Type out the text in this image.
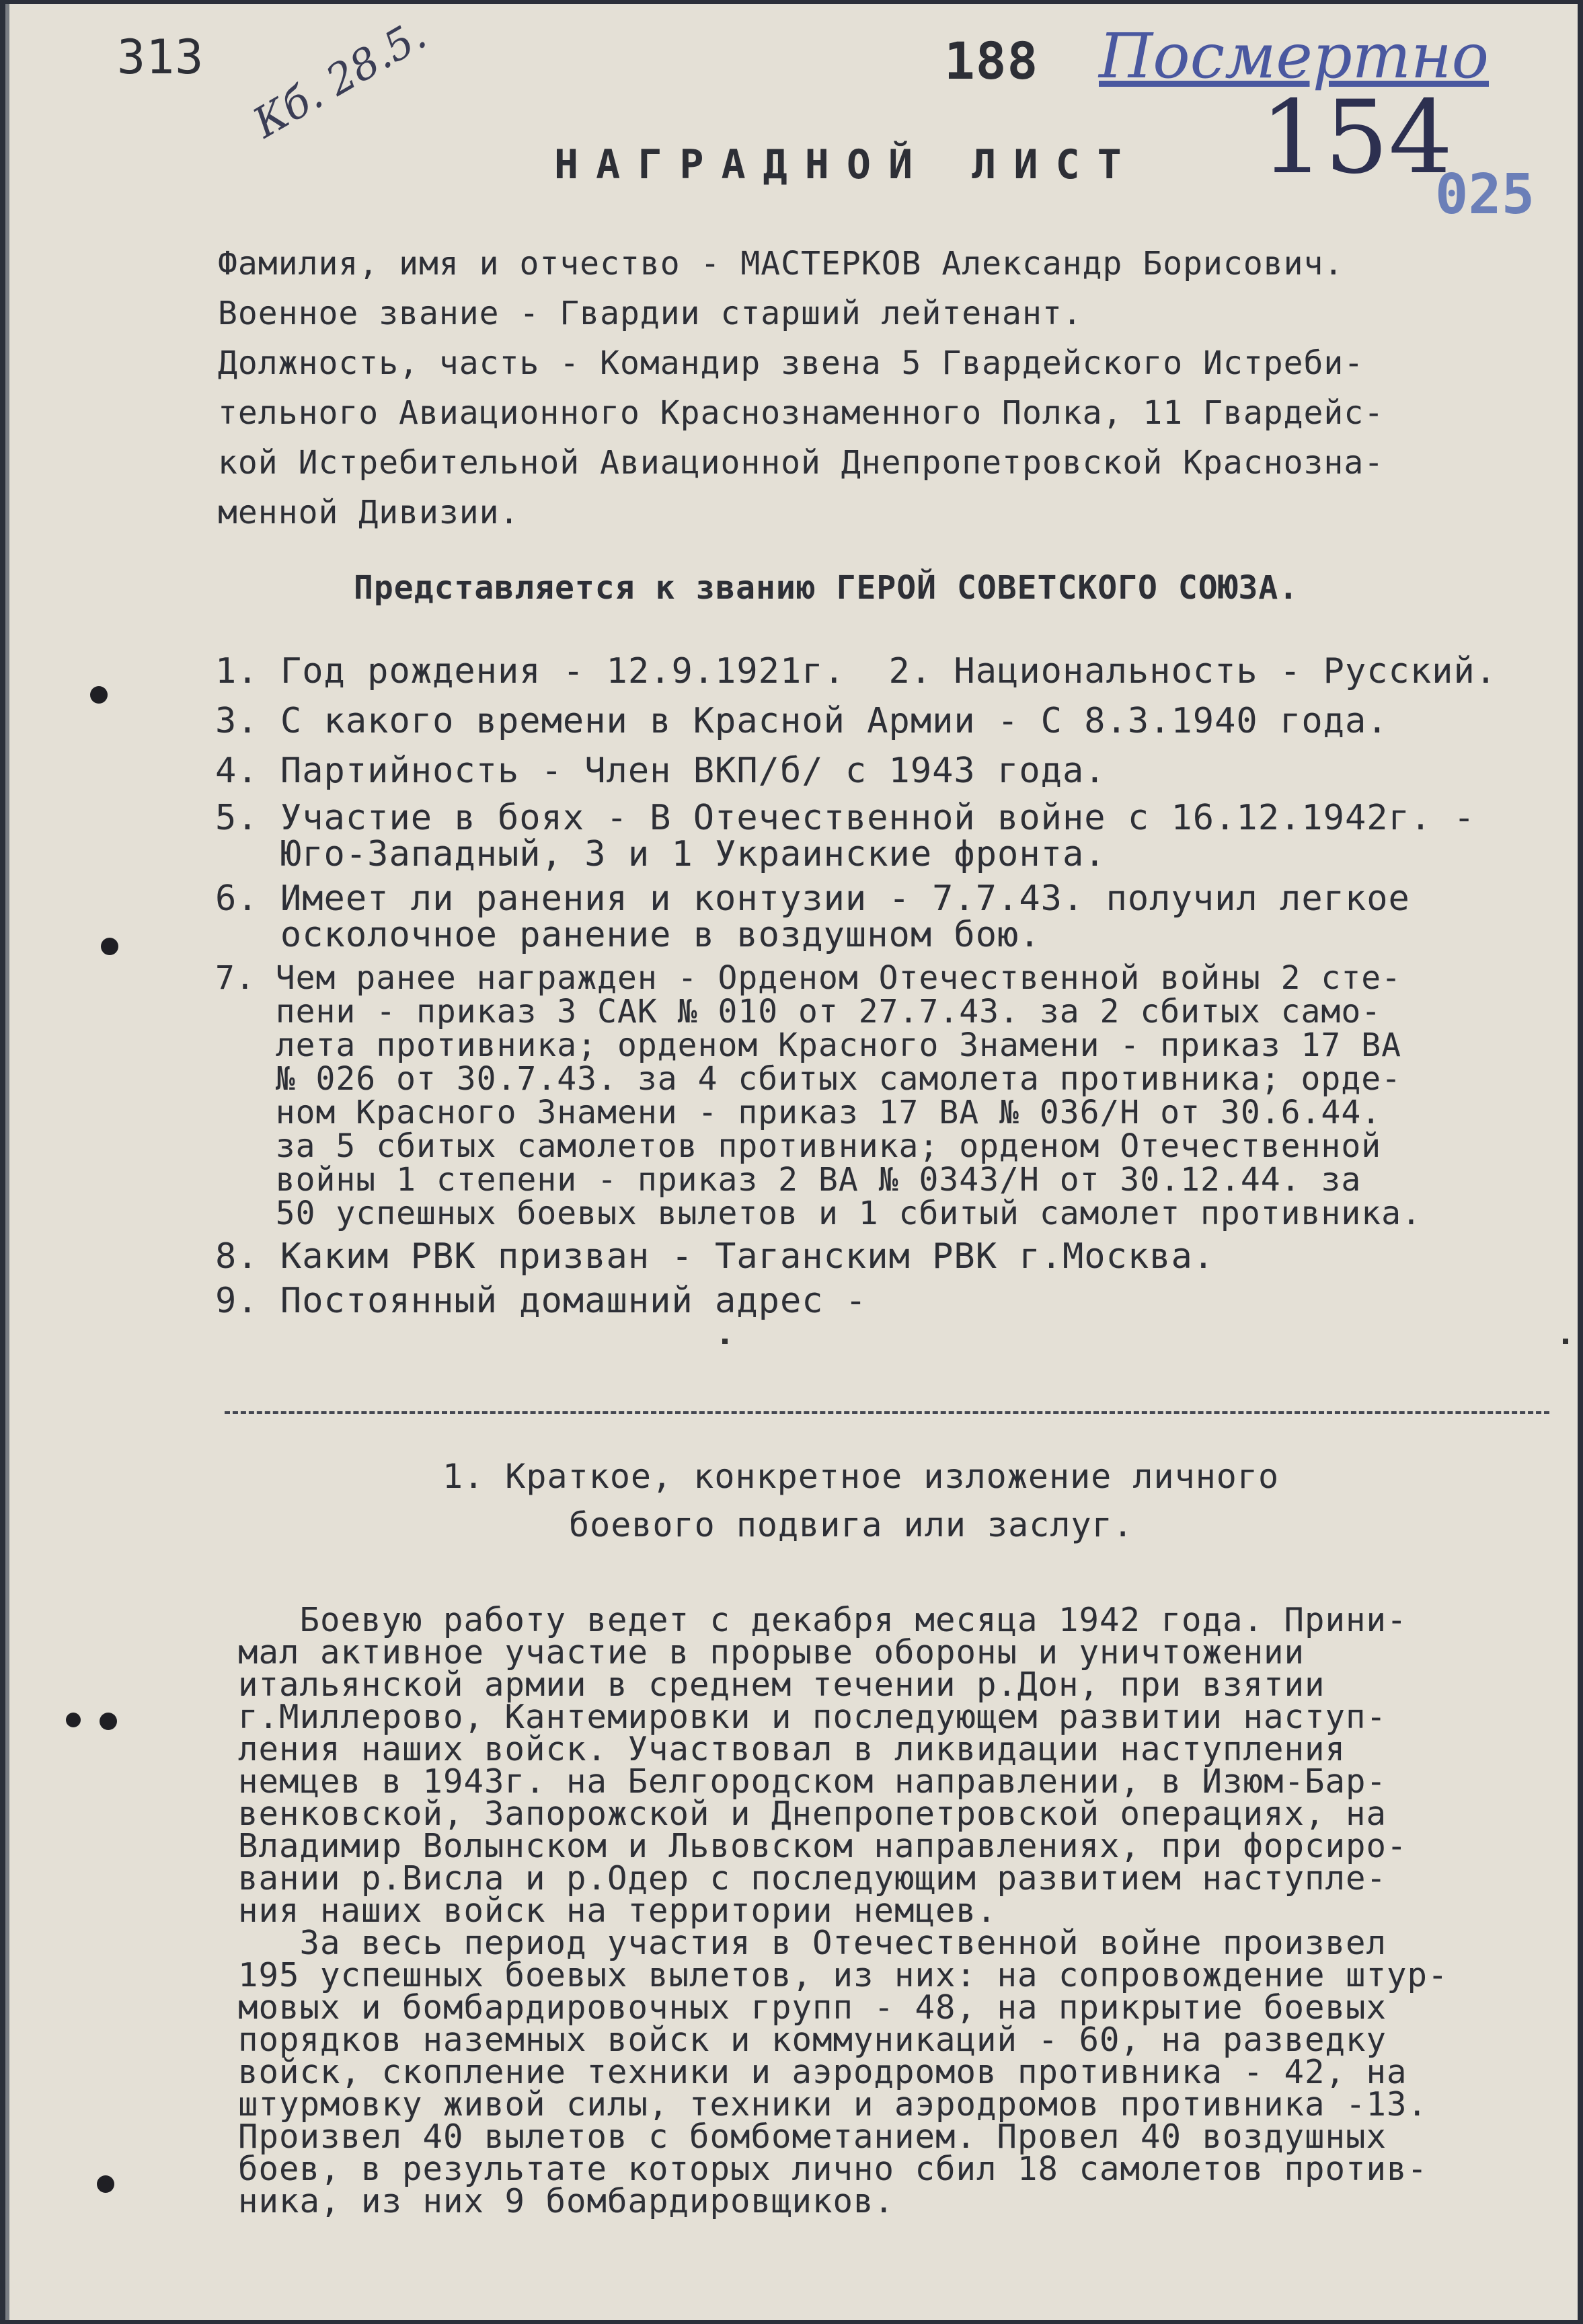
313	188 Посмертно
154
025
Кб. 28.5.
НАГРАДНОЙ ЛИСТ
Фамилия, имя и отчество - МАСТЕРКОВ Александр Борисович.
Военное звание - Гвардии старший лейтенант.
Должность, часть - Командир звена 5 Гвардейского Истреби-
тельного Авиационного Краснознаменного Полка, 11 Гвардейс-
кой Истребительной Авиационной Днепропетровской Краснозна-
менной Дивизии.
Представляется к званию ГЕРОЙ СОВЕТСКОГО СОЮЗА.
1. Год рождения - 12.9.1921г.  2. Национальность - Русский.
3. С какого времени в Красной Армии - С 8.3.1940 года.
4. Партийность - Член ВКП/б/ с 1943 года.
5. Участие в боях - В Отечественной войне с 16.12.1942г. -
Юго-Западный, 3 и 1 Украинские фронта.
6. Имеет ли ранения и контузии - 7.7.43. получил легкое
осколочное ранение в воздушном бою.
7. Чем ранее награжден - Орденом Отечественной войны 2 сте-
пени - приказ 3 САК № 010 от 27.7.43. за 2 сбитых само-
лета противника; орденом Красного Знамени - приказ 17 ВА
№ 026 от 30.7.43. за 4 сбитых самолета противника; орде-
ном Красного Знамени - приказ 17 ВА № 036/Н от 30.6.44.
за 5 сбитых самолетов противника; орденом Отечественной
войны 1 степени - приказ 2 ВА № 0343/Н от 30.12.44. за
50 успешных боевых вылетов и 1 сбитый самолет противника.
8. Каким РВК призван - Таганским РВК г.Москва.
9. Постоянный домашний адрес -
1. Краткое, конкретное изложение личного
боевого подвига или заслуг.
Боевую работу ведет с декабря месяца 1942 года. Прини-
мал активное участие в прорыве обороны и уничтожении
итальянской армии в среднем течении р.Дон, при взятии
г.Миллерово, Кантемировки и последующем развитии наступ-
ления наших войск. Участвовал в ликвидации наступления
немцев в 1943г. на Белгородском направлении, в Изюм-Бар-
венковской, Запорожской и Днепропетровской операциях, на
Владимир Волынском и Львовском направлениях, при форсиро-
вании р.Висла и р.Одер с последующим развитием наступле-
ния наших войск на территории немцев.
За весь период участия в Отечественной войне произвел
195 успешных боевых вылетов, из них: на сопровождение штур-
мовых и бомбардировочных групп - 48, на прикрытие боевых
порядков наземных войск и коммуникаций - 60, на разведку
войск, скопление техники и аэродромов противника - 42, на
штурмовку живой силы, техники и аэродромов противника -13.
Произвел 40 вылетов с бомбометанием. Провел 40 воздушных
боев, в результате которых лично сбил 18 самолетов против-
ника, из них 9 бомбардировщиков.
